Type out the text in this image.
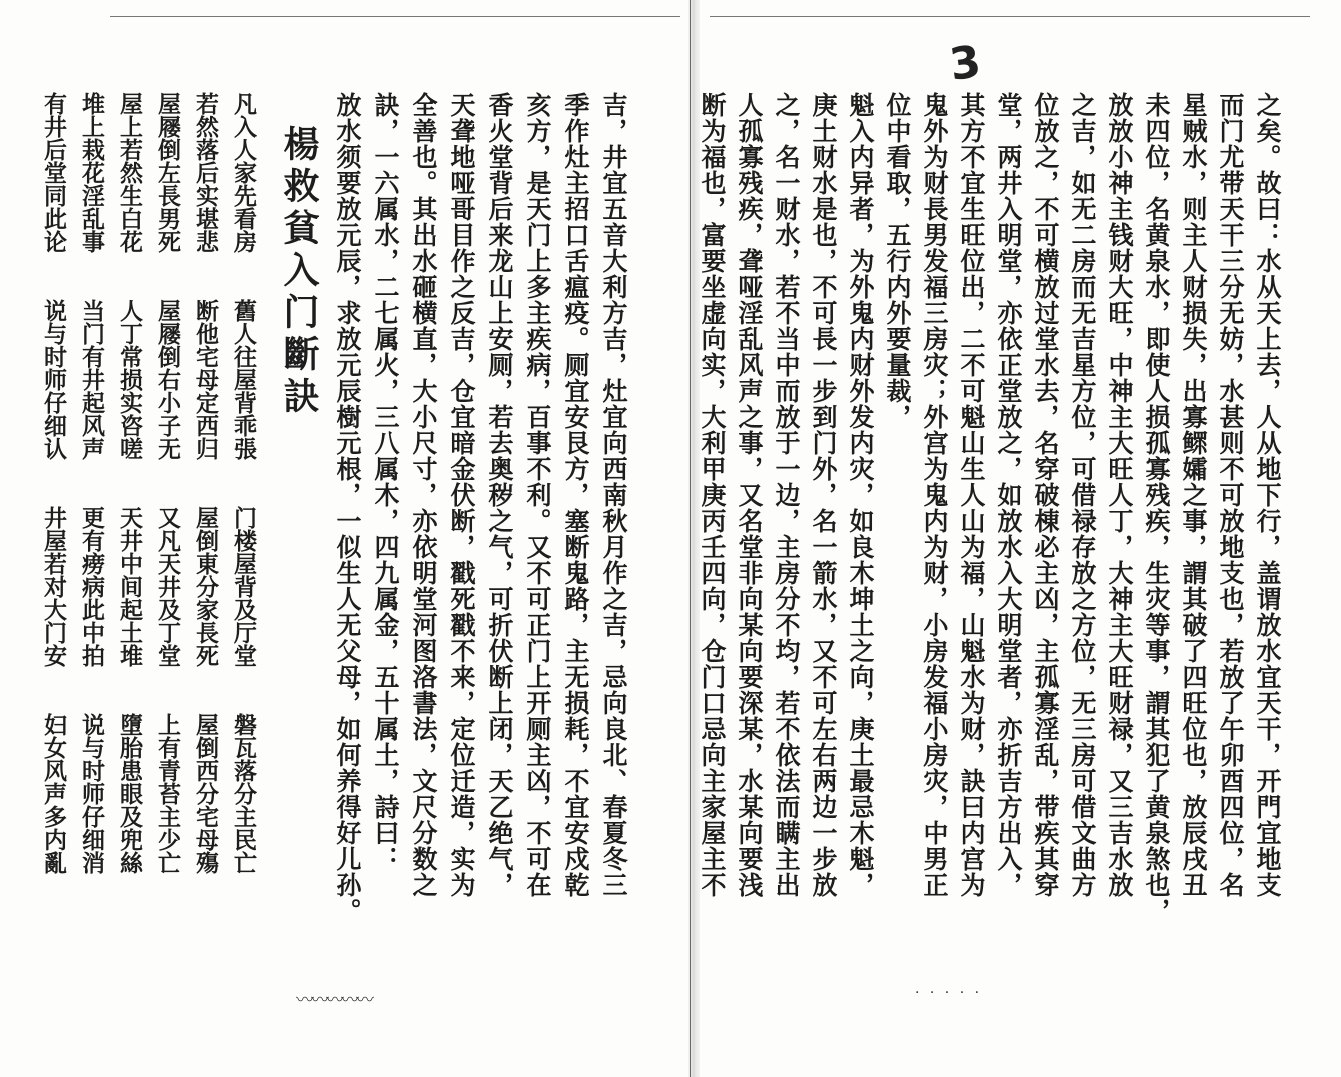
吉，井宜五音大利方吉，灶宜向西南秋月作之吉，忌向良北、春夏冬三
季作灶主招口舌瘟疫。厕宜安艮方，塞断鬼路，主无损耗，不宜安戍乾
亥方，是天门上多主疾病，百事不利。又不可正门上开厕主凶，不可在
香火堂背后来龙山上安厕，若去奥秽之气，可折伏断上闭，天乙绝气，
天聋地哑哥目作之反吉，仓宜暗金伏断，戳死戳不来，定位迁造，实为
全善也。其出水砸横直，大小尺寸，亦依明堂河图洛書法，文尺分数之
訣，一六属水，二七属火，三八属木，四九属金，五十属土，詩曰：
放水须要放元辰，求放元辰樹元根，一似生人无父母，如何养得好儿孙。
楊救貧入门斷訣
凡入人家先看房　　舊人往屋背乖張　　门楼屋背及厅堂　　磐瓦落分主民亡
若然落后实堪悲　　断他宅母定西归　　屋倒東分家長死　　屋倒西分宅母殤
屋屦倒左長男死　　屋屦倒右小子无　　又凡天井及丁堂　　上有青苔主少亡
屋上若然生白花　　人丁常损实咨嗟　　天井中间起土堆　　墮胎患眼及兜絲
堆上栽花淫乱事　　当门有井起风声　　更有痨病此中拍　　说与时师仔细消
有井后堂同此论　　说与时师仔细认　　井屋若对大门安　　妇女风声多内亂
〰〰〰〰〰
3
之矣。故曰：水从天上去，人从地下行，盖谓放水宜天干，开門宜地支
而门尤带天干三分无妨，水甚则不可放地支也，若放了午卯酉四位，名
星贼水，则主人财损失，出寡鳏孀之事，謂其破了四旺位也，放辰戌丑
未四位，名黄泉水，即使人损孤寡残疾，生灾等事，謂其犯了黄泉煞也，
放放小神主钱财大旺，中神主大旺人丁，大神主大旺财禄，又三吉水放
之吉，如无二房而无吉星方位，可借禄存放之方位，无三房可借文曲方
位放之，不可横放过堂水去，名穿破棟必主凶，主孤寡淫乱，带疾其穿
堂，两井入明堂，亦依正堂放之，如放水入大明堂者，亦折吉方出入，
其方不宜生旺位出，二不可魁山生人山为福，山魁水为财，訣曰内宫为
鬼外为财長男发福三房灾；外宫为鬼内为财，小房发福小房灾，中男正
位中看取，五行内外要量裁，
魁入内异者，为外鬼内财外发内灾，如良木坤土之向，庚土最忌木魁，
庚土财水是也，不可長一步到门外，名一箭水，又不可左右两边一步放
之，名一财水，若不当中而放于一边，主房分不均，若不依法而瞒主出
人孤寡残疾，聋哑淫乱风声之事，又名堂非向某向要深某，水某向要浅
断为福也，富要坐虚向实，大利甲庚丙壬四向，仓门口忌向主家屋主不
· · · · ·
